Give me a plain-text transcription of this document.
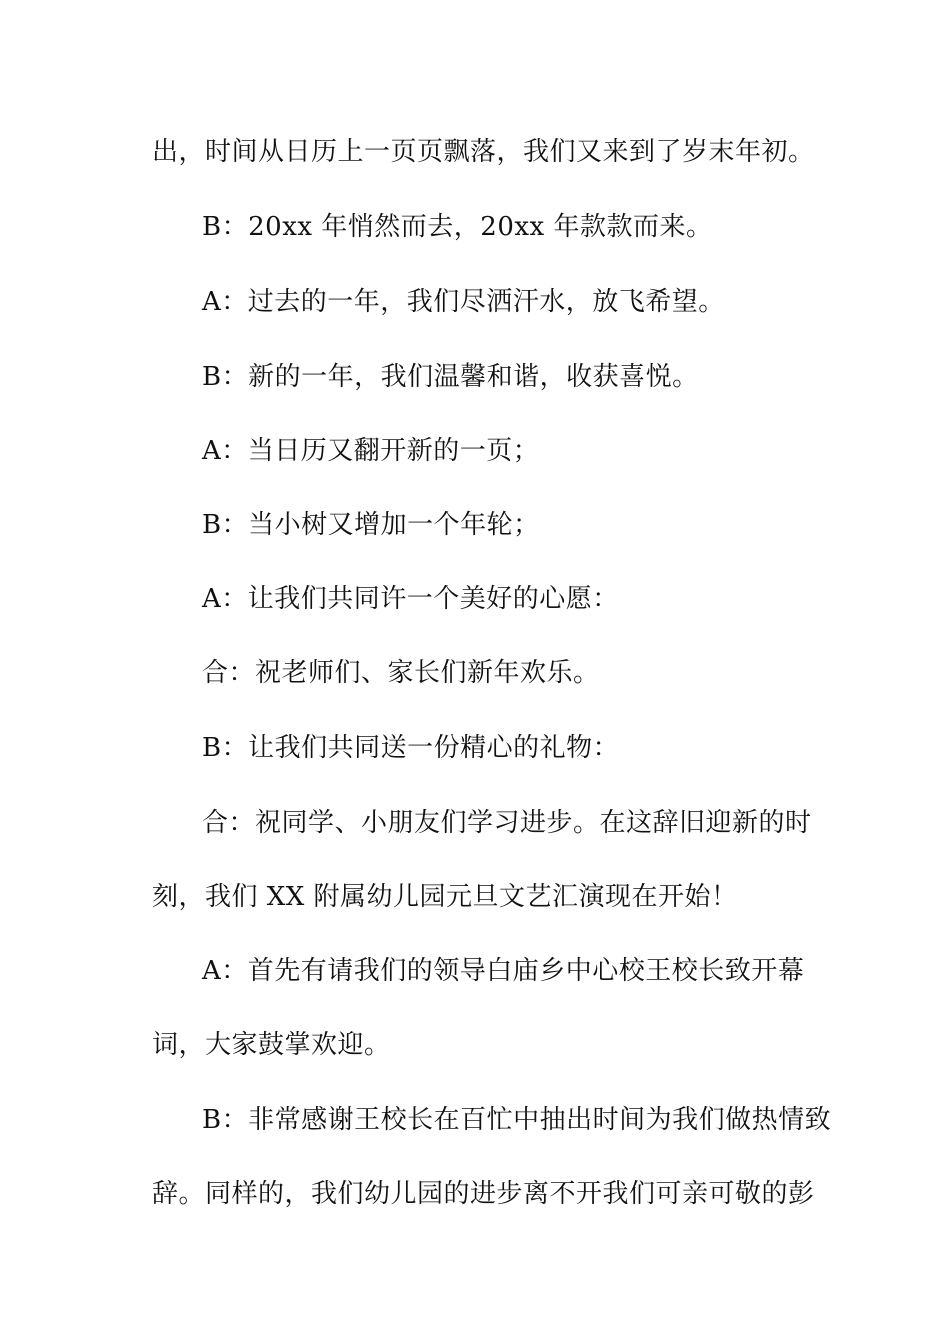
出，时间从日历上一页页飘落，我们又来到了岁末年初。
B：20xx 年悄然而去，20xx 年款款而来。
A：过去的一年，我们尽洒汗水，放飞希望。
B：新的一年，我们温馨和谐，收获喜悦。
A：当日历又翻开新的一页；
B：当小树又增加一个年轮；
A：让我们共同许一个美好的心愿：
合：祝老师们、家长们新年欢乐。
B：让我们共同送一份精心的礼物：
合：祝同学、小朋友们学习进步。在这辞旧迎新的时
刻，我们 XX 附属幼儿园元旦文艺汇演现在开始！
A：首先有请我们的领导白庙乡中心校王校长致开幕
词，大家鼓掌欢迎。
B：非常感谢王校长在百忙中抽出时间为我们做热情致
辞。同样的，我们幼儿园的进步离不开我们可亲可敬的彭
